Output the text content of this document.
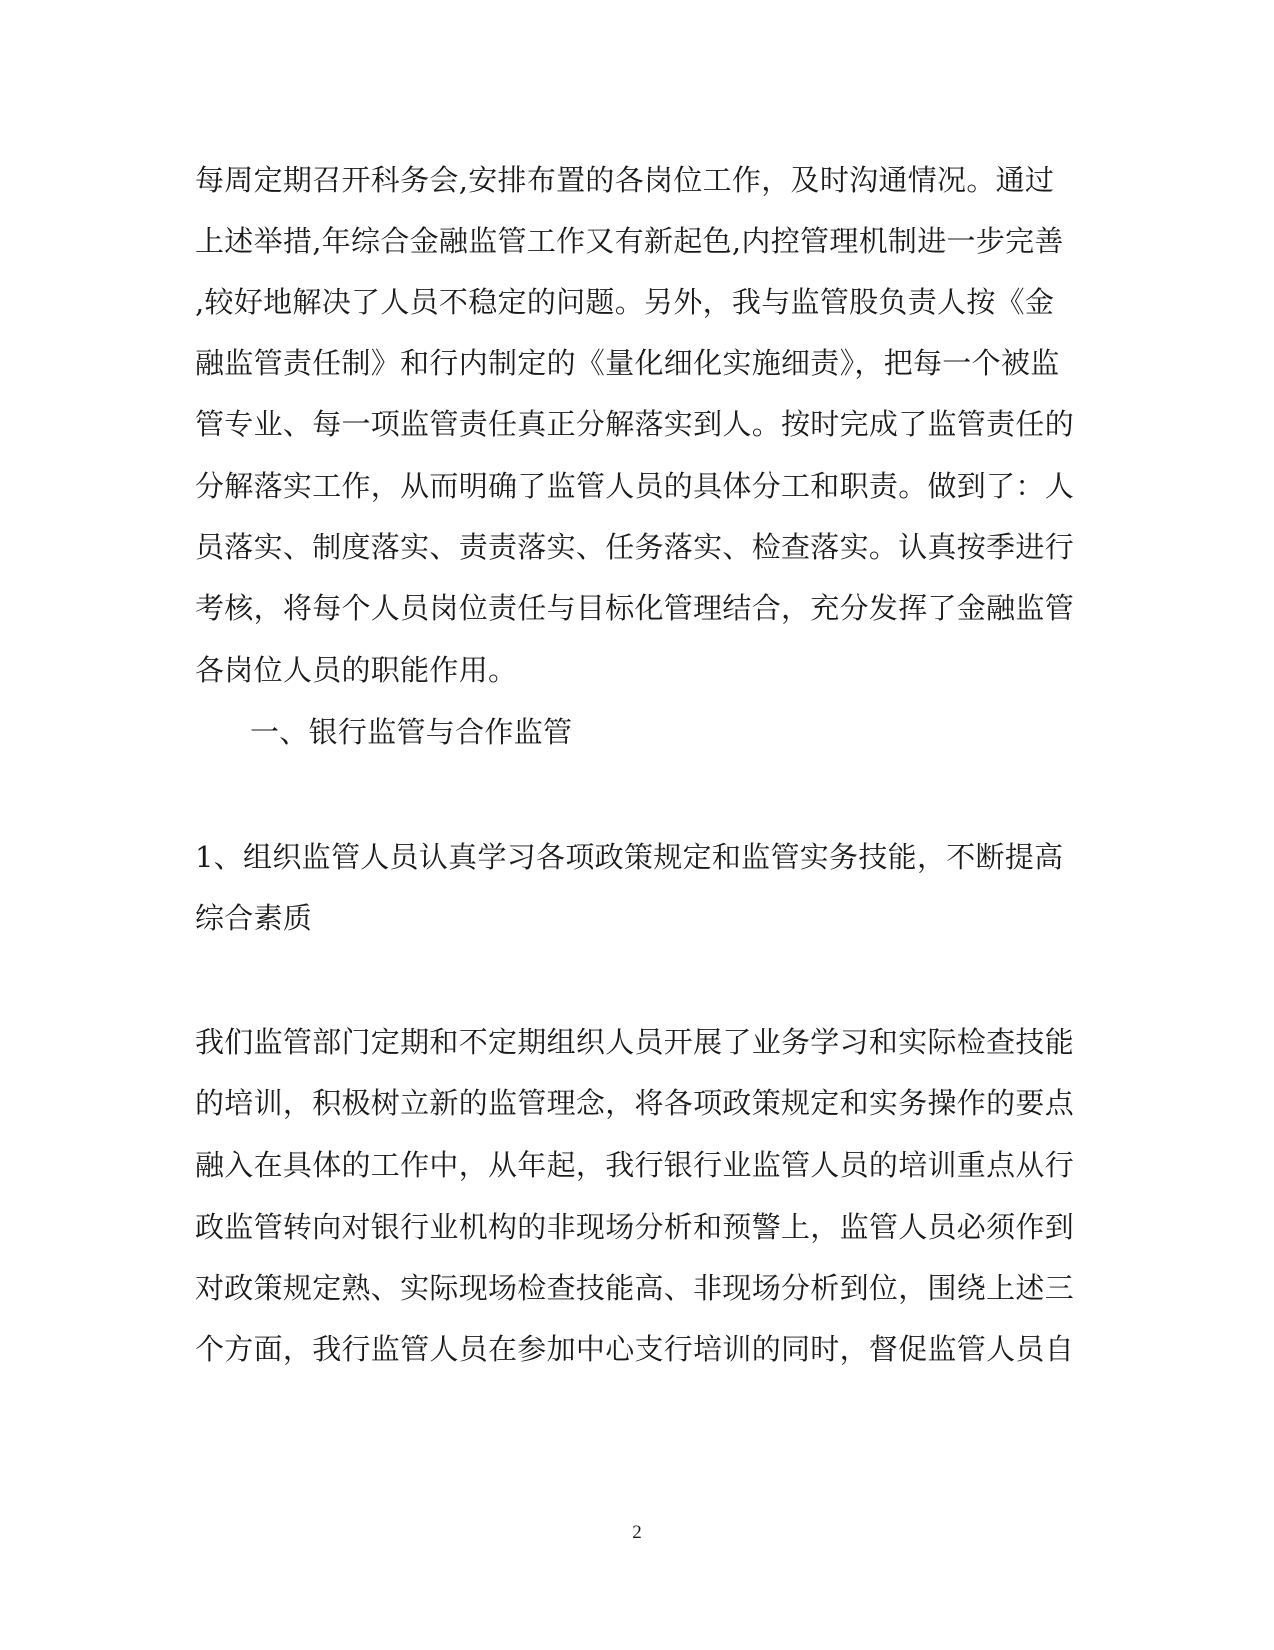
每周定期召开科务会,安排布置的各岗位工作，及时沟通情况。通过
上述举措,年综合金融监管工作又有新起色,内控管理机制进一步完善
,较好地解决了人员不稳定的问题。另外，我与监管股负责人按《金
融监管责任制》和行内制定的《量化细化实施细责》，把每一个被监
管专业、每一项监管责任真正分解落实到人。按时完成了监管责任的
分解落实工作，从而明确了监管人员的具体分工和职责。做到了：人
员落实、制度落实、责责落实、任务落实、检查落实。认真按季进行
考核，将每个人员岗位责任与目标化管理结合，充分发挥了金融监管
各岗位人员的职能作用。
一、银行监管与合作监管
1、组织监管人员认真学习各项政策规定和监管实务技能，不断提高
综合素质
我们监管部门定期和不定期组织人员开展了业务学习和实际检查技能
的培训，积极树立新的监管理念，将各项政策规定和实务操作的要点
融入在具体的工作中，从年起，我行银行业监管人员的培训重点从行
政监管转向对银行业机构的非现场分析和预警上，监管人员必须作到
对政策规定熟、实际现场检查技能高、非现场分析到位，围绕上述三
个方面，我行监管人员在参加中心支行培训的同时，督促监管人员自
2
